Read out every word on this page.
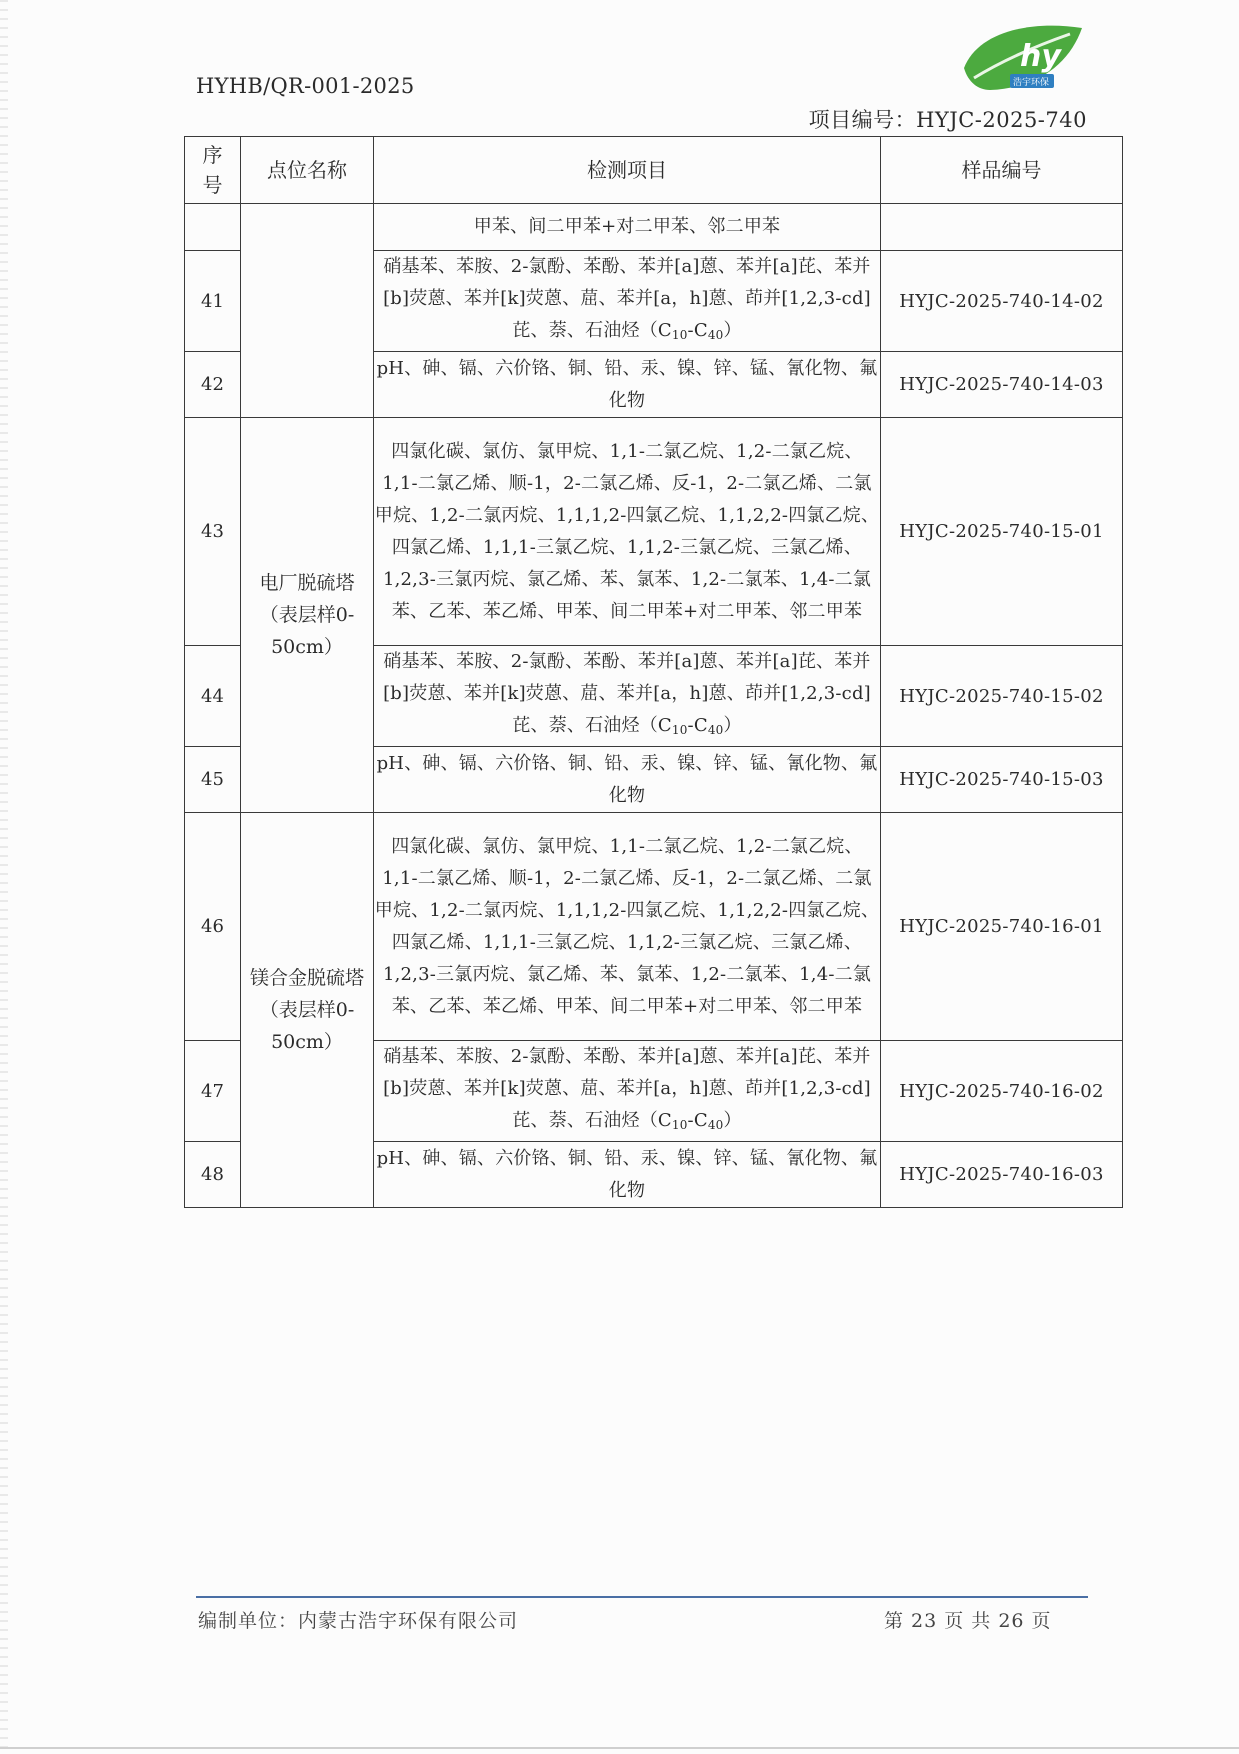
HYHB/QR-001-2025
hy
浩宇环保
项目编号：HYJC-2025-740
序号	点位名称	检测项目	样品编号
		甲苯、间二甲苯+对二甲苯、邻二甲苯	
41		硝基苯、苯胺、2-氯酚、苯酚、苯并[a]蒽、苯并[a]芘、苯并[b]荧蒽、苯并[k]荧蒽、䓛、苯并[a，h]蒽、茚并[1,2,3-cd]芘、萘、石油烃$(C_{10}-C_{40})$	HYJC-2025-740-14-02
42		pH、砷、镉、六价铬、铜、铅、汞、镍、锌、锰、氰化物、氟化物	HYJC-2025-740-14-03
43	电厂脱硫塔（表层样0-50cm）	四氯化碳、氯仿、氯甲烷、1,1-二氯乙烷、1,2-二氯乙烷、1,1-二氯乙烯、顺-1，2-二氯乙烯、反-1，2-二氯乙烯、二氯甲烷、1,2-二氯丙烷、1,1,1,2-四氯乙烷、1,1,2,2-四氯乙烷、四氯乙烯、1,1,1-三氯乙烷、1,1,2-三氯乙烷、三氯乙烯、1,2,3-三氯丙烷、氯乙烯、苯、氯苯、1,2-二氯苯、1,4-二氯苯、乙苯、苯乙烯、甲苯、间二甲苯+对二甲苯、邻二甲苯	HYJC-2025-740-15-01
44		硝基苯、苯胺、2-氯酚、苯酚、苯并[a]蒽、苯并[a]芘、苯并[b]荧蒽、苯并[k]荧蒽、䓛、苯并[a，h]蒽、茚并[1,2,3-cd]芘、萘、石油烃$(C_{10}-C_{40})$	HYJC-2025-740-15-02
45		pH、砷、镉、六价铬、铜、铅、汞、镍、锌、锰、氰化物、氟化物	HYJC-2025-740-15-03
46	镁合金脱硫塔（表层样0-50cm）	四氯化碳、氯仿、氯甲烷、1,1-二氯乙烷、1,2-二氯乙烷、1,1-二氯乙烯、顺-1，2-二氯乙烯、反-1，2-二氯乙烯、二氯甲烷、1,2-二氯丙烷、1,1,1,2-四氯乙烷、1,1,2,2-四氯乙烷、四氯乙烯、1,1,1-三氯乙烷、1,1,2-三氯乙烷、三氯乙烯、1,2,3-三氯丙烷、氯乙烯、苯、氯苯、1,2-二氯苯、1,4-二氯苯、乙苯、苯乙烯、甲苯、间二甲苯+对二甲苯、邻二甲苯	HYJC-2025-740-16-01
47		硝基苯、苯胺、2-氯酚、苯酚、苯并[a]蒽、苯并[a]芘、苯并[b]荧蒽、苯并[k]荧蒽、䓛、苯并[a，h]蒽、茚并[1,2,3-cd]芘、萘、石油烃$(C_{10}-C_{40})$	HYJC-2025-740-16-02
48		pH、砷、镉、六价铬、铜、铅、汞、镍、锌、锰、氰化物、氟化物	HYJC-2025-740-16-03
编制单位：内蒙古浩宇环保有限公司	第 23 页 共 26 页
